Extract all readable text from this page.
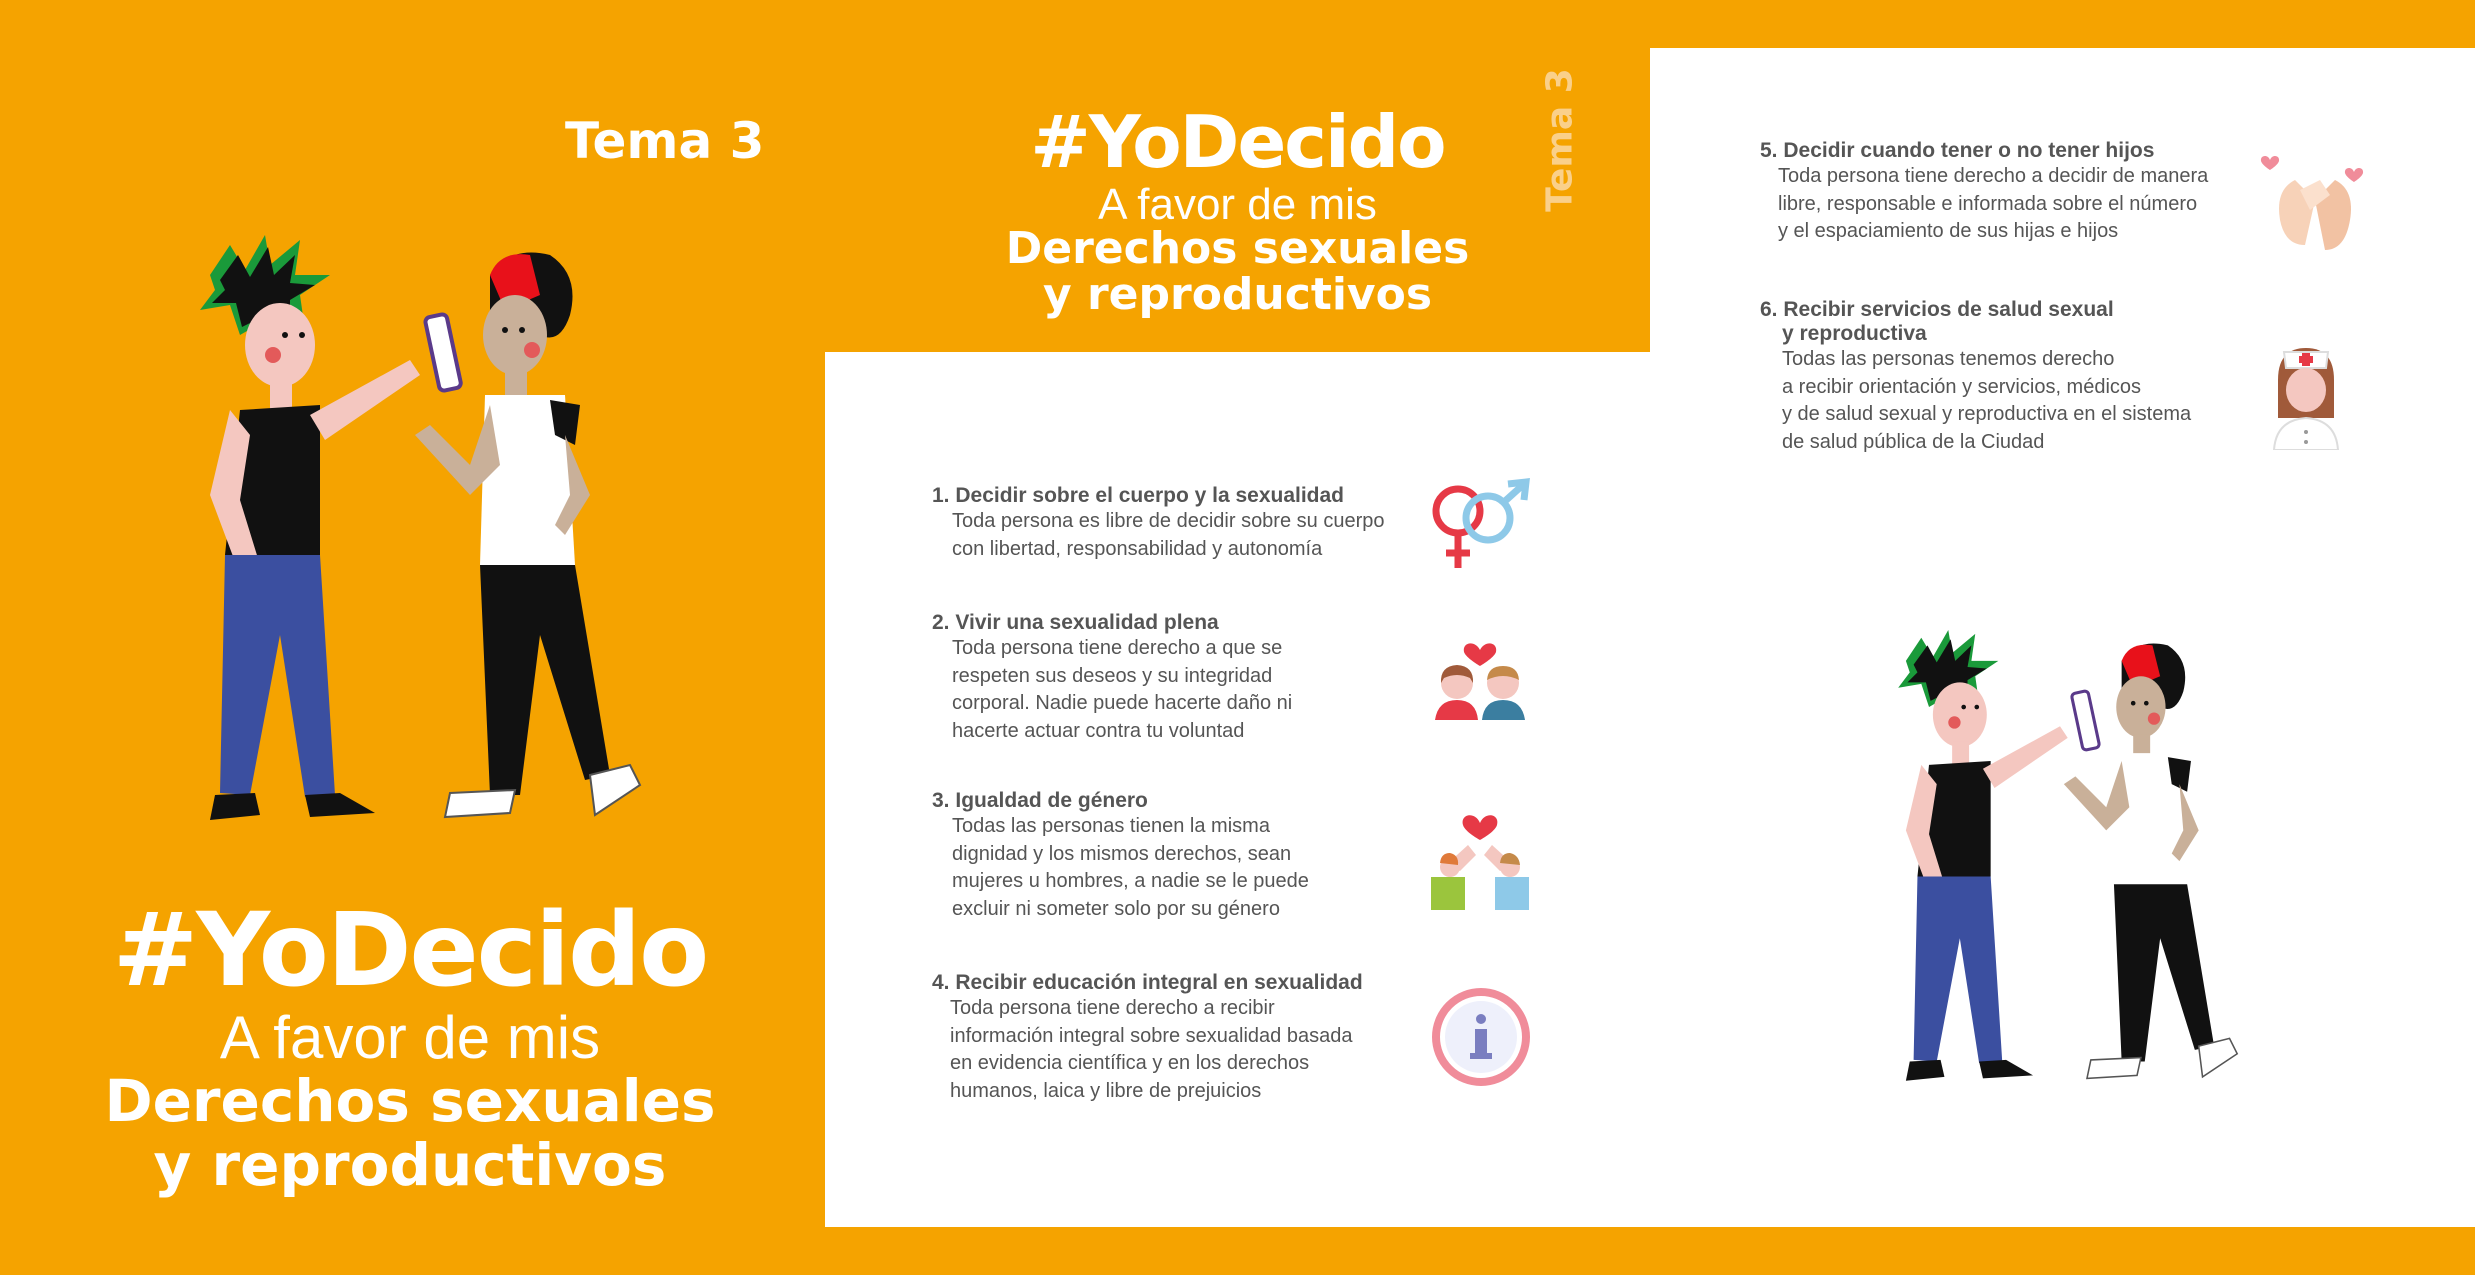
Tema 3
#YoDecido
A favor de mis
Derechos sexuales
y reproductivos
#YoDecido
A favor de mis
Derechos sexuales
y reproductivos
Tema 3
1. Decidir sobre el cuerpo y la sexualidad
Toda persona es libre de decidir sobre su cuerpo
con libertad, responsabilidad y autonomía
2. Vivir una sexualidad plena
Toda persona tiene derecho a que se
respeten sus deseos y su integridad
corporal. Nadie puede hacerte daño ni
hacerte actuar contra tu voluntad
3. Igualdad de género
Todas las personas tienen la misma
dignidad y los mismos derechos, sean
mujeres u hombres, a nadie se le puede
excluir ni someter solo por su género
4. Recibir educación integral en sexualidad
Toda persona tiene derecho a recibir
información integral sobre sexualidad basada
en evidencia científica y en los derechos
humanos, laica y libre de prejuicios
5. Decidir cuando tener o no tener hijos
Toda persona tiene derecho a decidir de manera
libre, responsable e informada sobre el número
y el espaciamiento de sus hijas e hijos
6. Recibir servicios de salud sexual
y reproductiva
Todas las personas tenemos derecho
a recibir orientación y servicios, médicos
y de salud sexual y reproductiva en el sistema
de salud pública de la Ciudad
